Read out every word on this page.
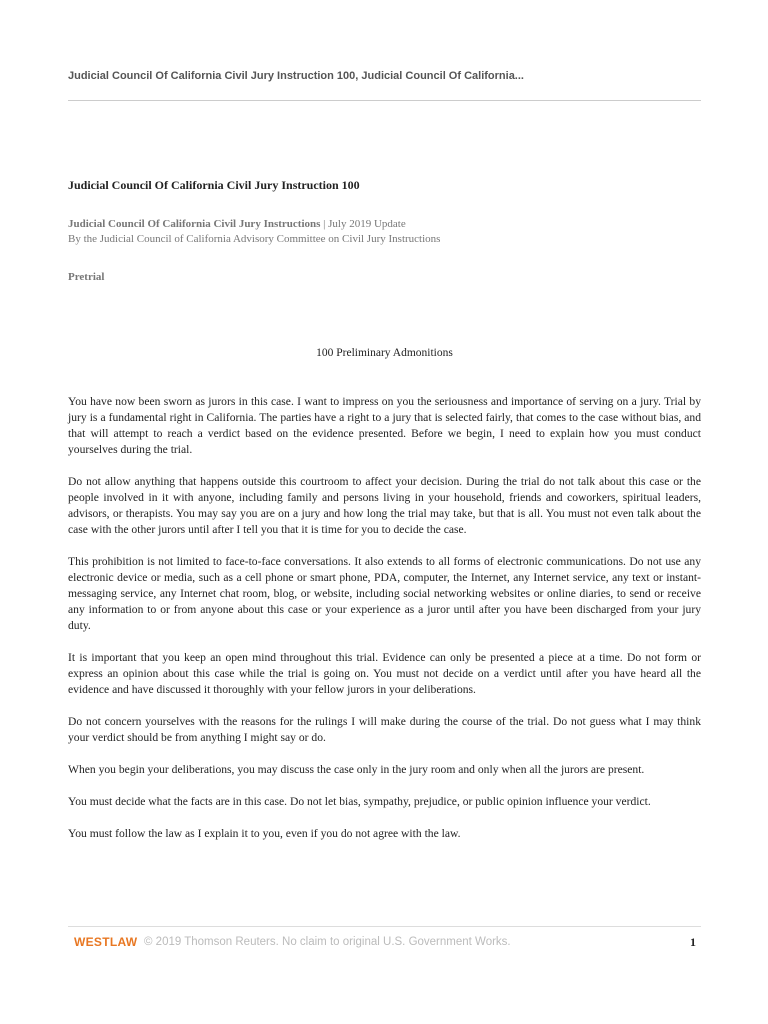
Judicial Council Of California Civil Jury Instruction 100, Judicial Council Of California...
Judicial Council Of California Civil Jury Instruction 100
Judicial Council Of California Civil Jury Instructions | July 2019 Update
By the Judicial Council of California Advisory Committee on Civil Jury Instructions
Pretrial
100 Preliminary Admonitions

You have now been sworn as jurors in this case. I want to impress on you the seriousness and importance of serving on a jury. Trial by jury is a fundamental right in California. The parties have a right to a jury that is selected fairly, that comes to the case without bias, and that will attempt to reach a verdict based on the evidence presented. Before we begin, I need to explain how you must conduct yourselves during the trial.

Do not allow anything that happens outside this courtroom to affect your decision. During the trial do not talk about this case or the people involved in it with anyone, including family and persons living in your household, friends and coworkers, spiritual leaders, advisors, or therapists. You may say you are on a jury and how long the trial may take, but that is all. You must not even talk about the case with the other jurors until after I tell you that it is time for you to decide the case.

This prohibition is not limited to face-to-face conversations. It also extends to all forms of electronic communications. Do not use any electronic device or media, such as a cell phone or smart phone, PDA, computer, the Internet, any Internet service, any text or instant-messaging service, any Internet chat room, blog, or website, including social networking websites or online diaries, to send or receive any information to or from anyone about this case or your experience as a juror until after you have been discharged from your jury duty.

It is important that you keep an open mind throughout this trial. Evidence can only be presented a piece at a time. Do not form or express an opinion about this case while the trial is going on. You must not decide on a verdict until after you have heard all the evidence and have discussed it thoroughly with your fellow jurors in your deliberations.

Do not concern yourselves with the reasons for the rulings I will make during the course of the trial. Do not guess what I may think your verdict should be from anything I might say or do.

When you begin your deliberations, you may discuss the case only in the jury room and only when all the jurors are present.

You must decide what the facts are in this case. Do not let bias, sympathy, prejudice, or public opinion influence your verdict.

You must follow the law as I explain it to you, even if you do not agree with the law.

WESTLAW © 2019 Thomson Reuters. No claim to original U.S. Government Works.	1
